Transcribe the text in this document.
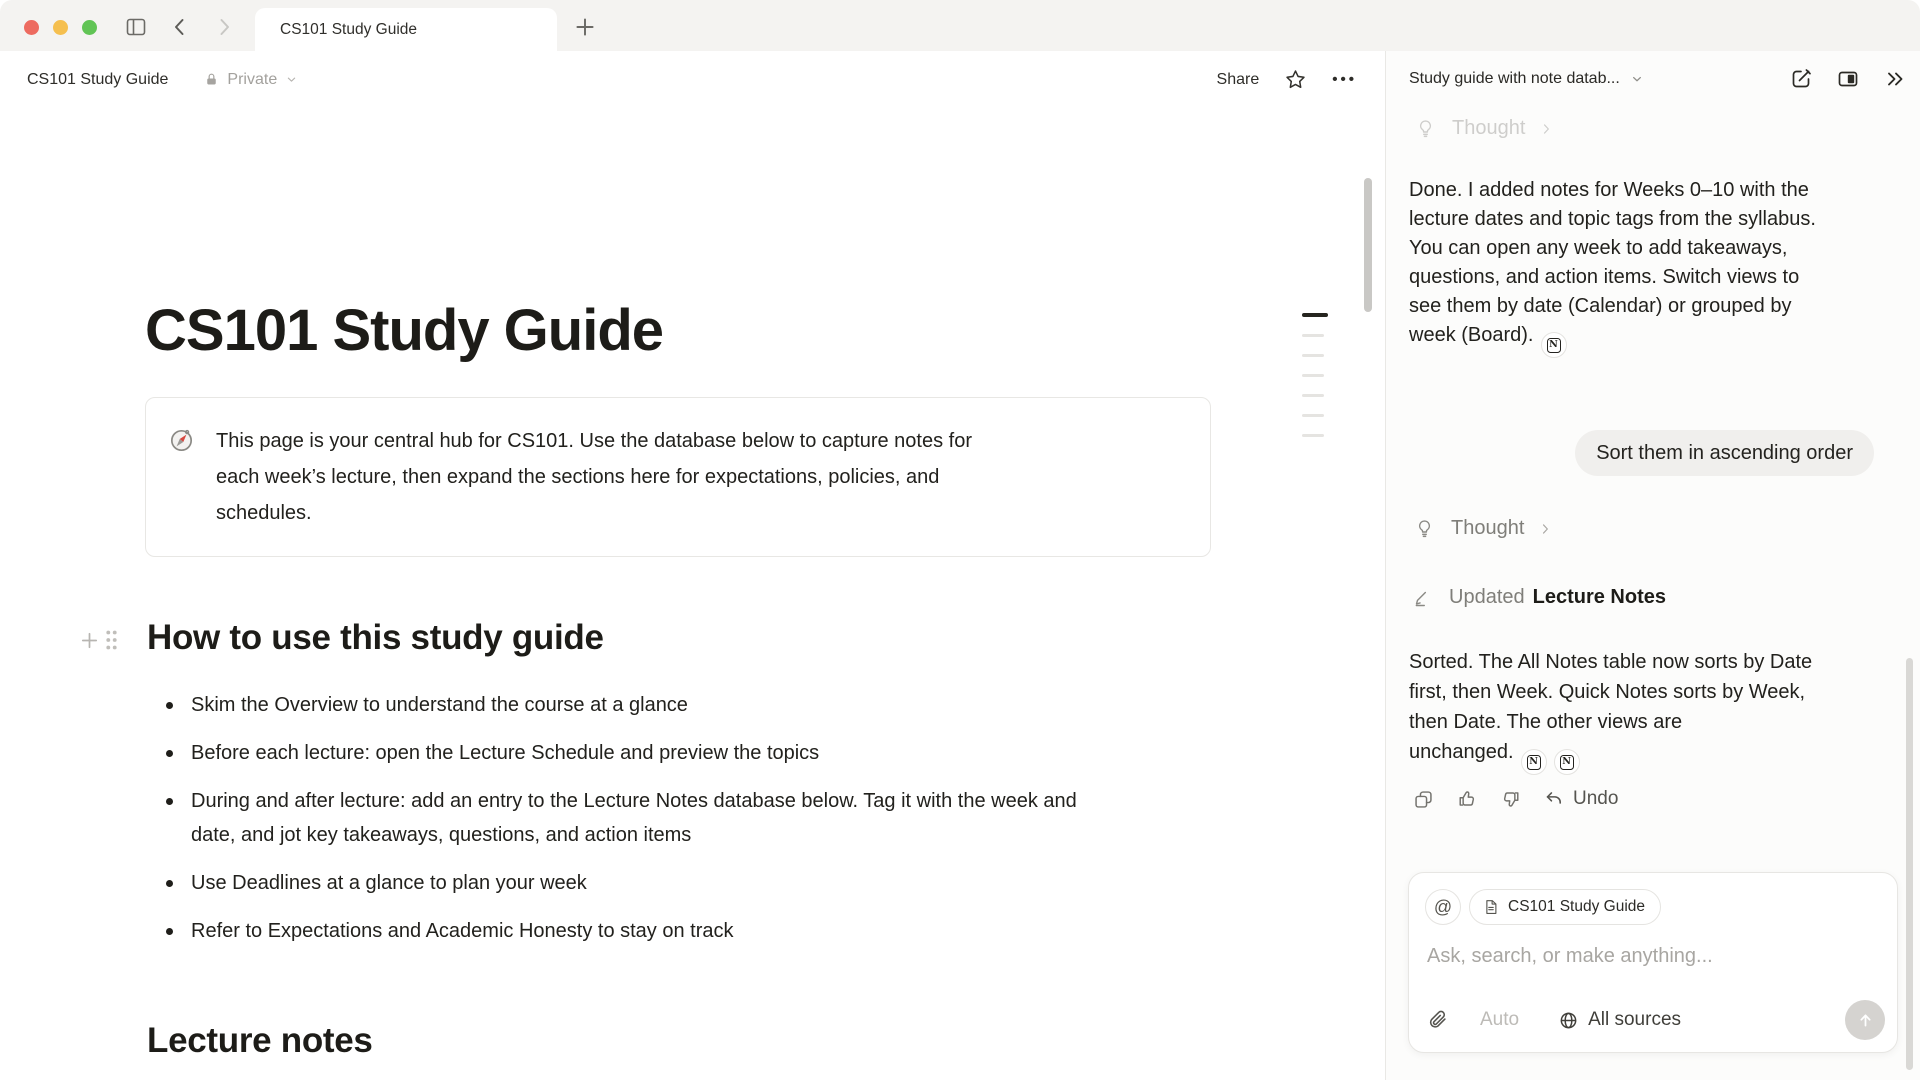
CS101 Study Guide
CS101 Study Guide	Private	Share	•••
CS101 Study Guide
This page is your central hub for CS101. Use the database below to capture notes for
each week’s lecture, then expand the sections here for expectations, policies, and
schedules.
How to use this study guide
Skim the Overview to understand the course at a glance
Before each lecture: open the Lecture Schedule and preview the topics
During and after lecture: add an entry to the Lecture Notes database below. Tag it with the week and date, and jot key takeaways, questions, and action items
Use Deadlines at a glance to plan your week
Refer to Expectations and Academic Honesty to stay on track
Lecture notes
Study guide with note datab...
Thought
Done. I added notes for Weeks 0–10 with the
lecture dates and topic tags from the syllabus.
You can open any week to add takeaways,
questions, and action items. Switch views to
see them by date (Calendar) or grouped by
week (Board). N
Sort them in ascending order
Thought
Updated Lecture Notes
Sorted. The All Notes table now sorts by Date
first, then Week. Quick Notes sorts by Week,
then Date. The other views are
unchanged. N	N
Undo
@	CS101 Study Guide
Ask, search, or make anything...
Auto	All sources
